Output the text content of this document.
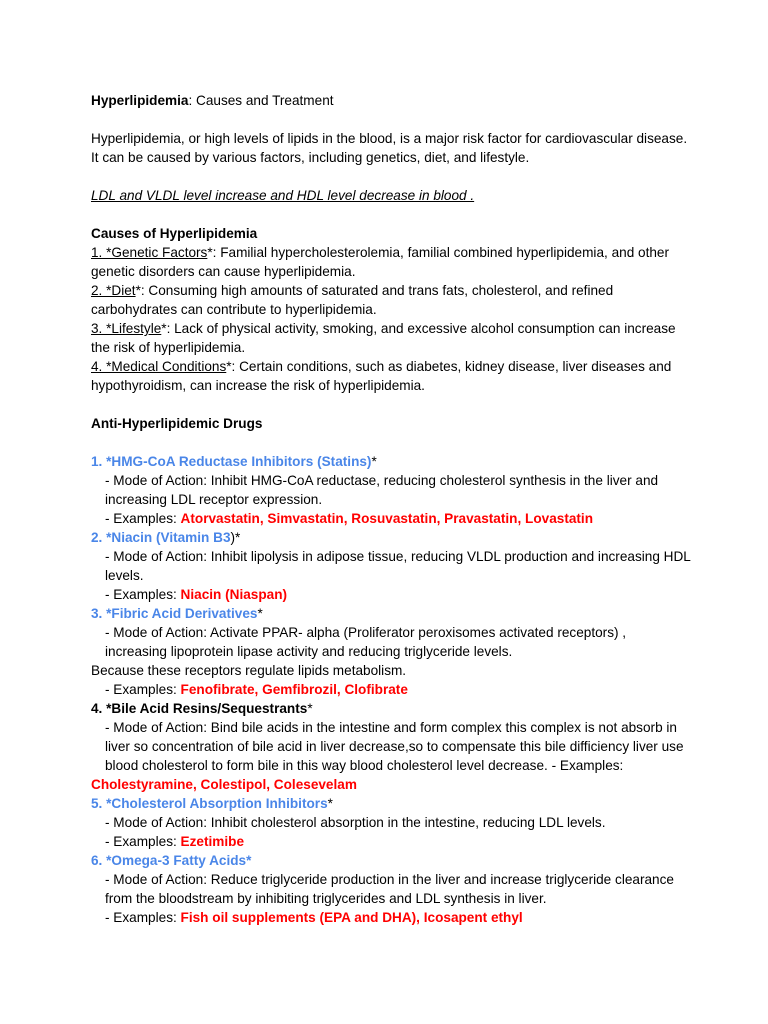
Hyperlipidemia: Causes and Treatment

Hyperlipidemia, or high levels of lipids in the blood, is a major risk factor for cardiovascular disease. It can be caused by various factors, including genetics, diet, and lifestyle.

LDL and VLDL level increase and HDL level decrease in blood .

Causes of Hyperlipidemia

1. *Genetic Factors*: Familial hypercholesterolemia, familial combined hyperlipidemia, and other genetic disorders can cause hyperlipidemia.

2. *Diet*: Consuming high amounts of saturated and trans fats, cholesterol, and refined carbohydrates can contribute to hyperlipidemia.

3. *Lifestyle*: Lack of physical activity, smoking, and excessive alcohol consumption can increase the risk of hyperlipidemia.

4. *Medical Conditions*: Certain conditions, such as diabetes, kidney disease, liver diseases and hypothyroidism, can increase the risk of hyperlipidemia.

Anti-Hyperlipidemic Drugs

1. *HMG-CoA Reductase Inhibitors (Statins)*

- Mode of Action: Inhibit HMG-CoA reductase, reducing cholesterol synthesis in the liver and increasing LDL receptor expression.

- Examples: Atorvastatin, Simvastatin, Rosuvastatin, Pravastatin, Lovastatin

2. *Niacin (Vitamin B3)*

- Mode of Action: Inhibit lipolysis in adipose tissue, reducing VLDL production and increasing HDL levels.

- Examples: Niacin (Niaspan)

3. *Fibric Acid Derivatives*

- Mode of Action: Activate PPAR- alpha (Proliferator peroxisomes activated receptors) , increasing lipoprotein lipase activity and reducing triglyceride levels.

Because these receptors regulate lipids metabolism.

- Examples: Fenofibrate, Gemfibrozil, Clofibrate

4. *Bile Acid Resins/Sequestrants*

- Mode of Action: Bind bile acids in the intestine and form complex this complex is not absorb in liver so concentration of bile acid in liver decrease,so to compensate this bile difficiency liver use blood cholesterol to form bile in this way blood cholesterol level decrease. - Examples:

Cholestyramine, Colestipol, Colesevelam

5. *Cholesterol Absorption Inhibitors*

- Mode of Action: Inhibit cholesterol absorption in the intestine, reducing LDL levels.

- Examples: Ezetimibe

6. *Omega-3 Fatty Acids*

- Mode of Action: Reduce triglyceride production in the liver and increase triglyceride clearance from the bloodstream by inhibiting triglycerides and LDL synthesis in liver.

- Examples: Fish oil supplements (EPA and DHA), Icosapent ethyl
